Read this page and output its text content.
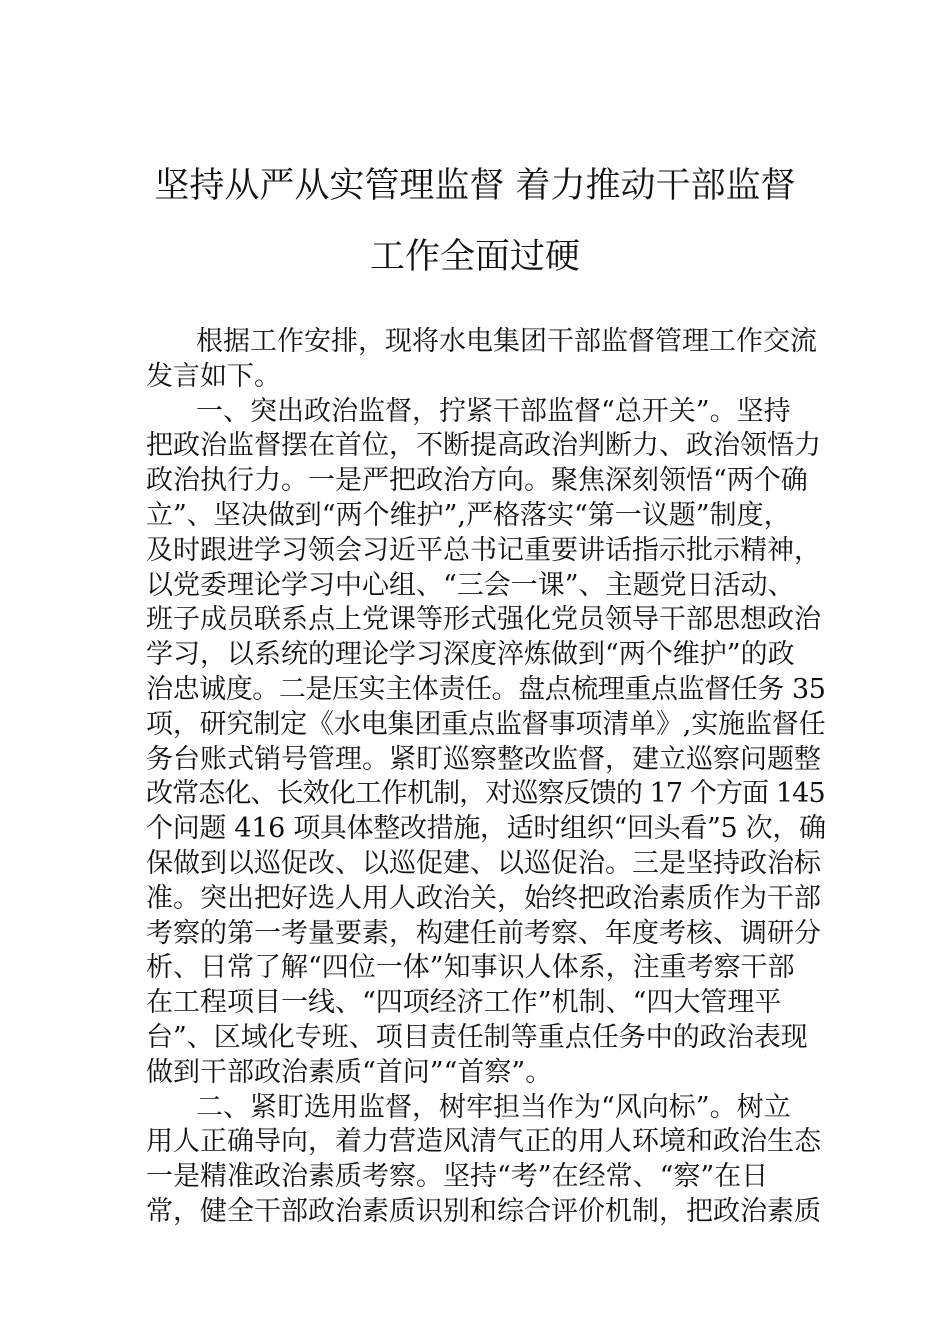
坚持从严从实管理监督 着力推动干部监督
工作全面过硬
根据工作安排，现将水电集团干部监督管理工作交流
发言如下。
一、突出政治监督，拧紧干部监督“总开关”。坚持
把政治监督摆在首位，不断提高政治判断力、政治领悟力
政治执行力。一是严把政治方向。聚焦深刻领悟“两个确
立”、坚决做到“两个维护”,严格落实“第一议题”制度，
及时跟进学习领会习近平总书记重要讲话指示批示精神，
以党委理论学习中心组、“三会一课”、主题党日活动、
班子成员联系点上党课等形式强化党员领导干部思想政治
学习，以系统的理论学习深度淬炼做到“两个维护”的政
治忠诚度。二是压实主体责任。盘点梳理重点监督任务 35
项，研究制定《水电集团重点监督事项清单》,实施监督任
务台账式销号管理。紧盯巡察整改监督，建立巡察问题整
改常态化、长效化工作机制，对巡察反馈的 17 个方面 145
个问题 416 项具体整改措施，适时组织“回头看”5 次，确
保做到以巡促改、以巡促建、以巡促治。三是坚持政治标
准。突出把好选人用人政治关，始终把政治素质作为干部
考察的第一考量要素，构建任前考察、年度考核、调研分
析、日常了解“四位一体”知事识人体系，注重考察干部
在工程项目一线、“四项经济工作”机制、“四大管理平
台”、区域化专班、项目责任制等重点任务中的政治表现
做到干部政治素质“首问”“首察”。
二、紧盯选用监督，树牢担当作为“风向标”。树立
用人正确导向，着力营造风清气正的用人环境和政治生态
一是精准政治素质考察。坚持“考”在经常、“察”在日
常，健全干部政治素质识别和综合评价机制，把政治素质
